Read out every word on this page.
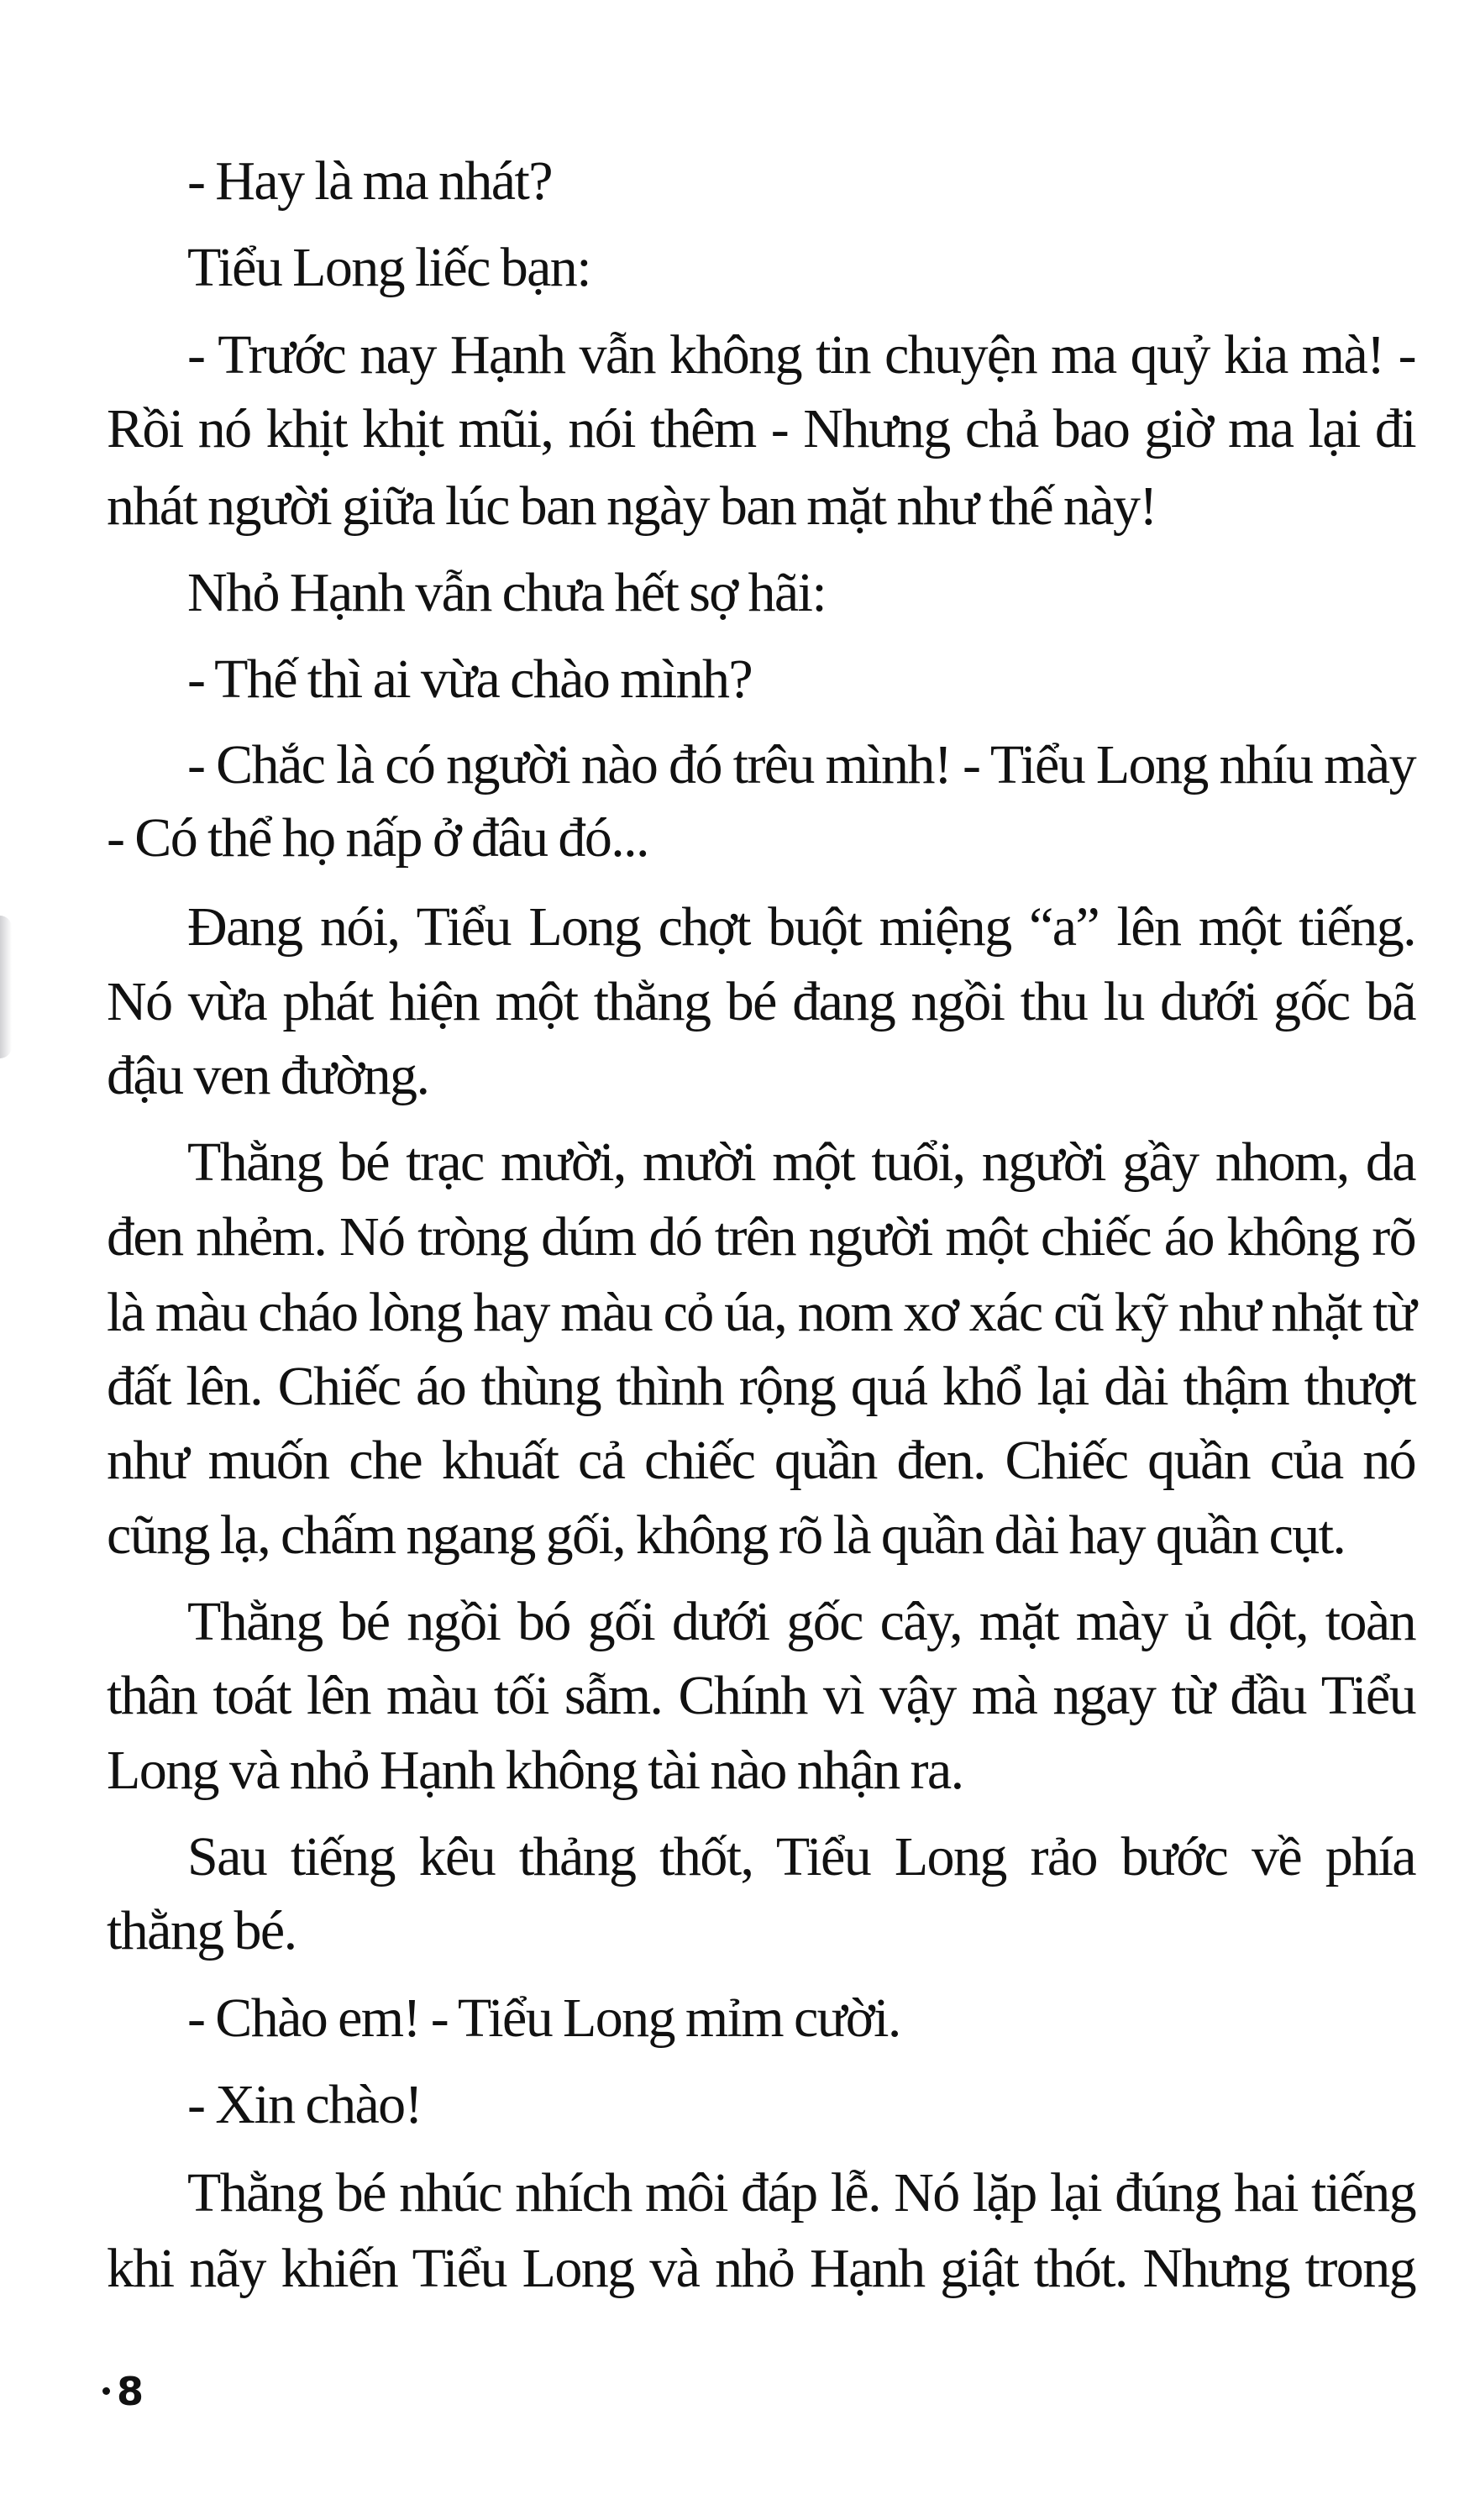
- Hay là ma nhát?
Tiểu Long liếc bạn:
- Trước nay Hạnh vẫn không tin chuyện ma quỷ kia mà! -
Rồi nó khịt khịt mũi, nói thêm - Nhưng chả bao giờ ma lại đi
nhát người giữa lúc ban ngày ban mặt như thế này!
Nhỏ Hạnh vẫn chưa hết sợ hãi:
- Thế thì ai vừa chào mình?
- Chắc là có người nào đó trêu mình! - Tiểu Long nhíu mày
- Có thể họ nấp ở đâu đó...
Đang nói, Tiểu Long chợt buột miệng “a” lên một tiếng.
Nó vừa phát hiện một thằng bé đang ngồi thu lu dưới gốc bã
đậu ven đường.
Thằng bé trạc mười, mười một tuổi, người gầy nhom, da
đen nhẻm. Nó tròng dúm dó trên người một chiếc áo không rõ
là màu cháo lòng hay màu cỏ úa, nom xơ xác cũ kỹ như nhặt từ
đất lên. Chiếc áo thùng thình rộng quá khổ lại dài thậm thượt
như muốn che khuất cả chiếc quần đen. Chiếc quần của nó
cũng lạ, chấm ngang gối, không rõ là quần dài hay quần cụt.
Thằng bé ngồi bó gối dưới gốc cây, mặt mày ủ dột, toàn
thân toát lên màu tối sẫm. Chính vì vậy mà ngay từ đầu Tiểu
Long và nhỏ Hạnh không tài nào nhận ra.
Sau tiếng kêu thảng thốt, Tiểu Long rảo bước về phía
thằng bé.
- Chào em! - Tiểu Long mỉm cười.
- Xin chào!
Thằng bé nhúc nhích môi đáp lễ. Nó lặp lại đúng hai tiếng
khi nãy khiến Tiểu Long và nhỏ Hạnh giật thót. Nhưng trong
8
